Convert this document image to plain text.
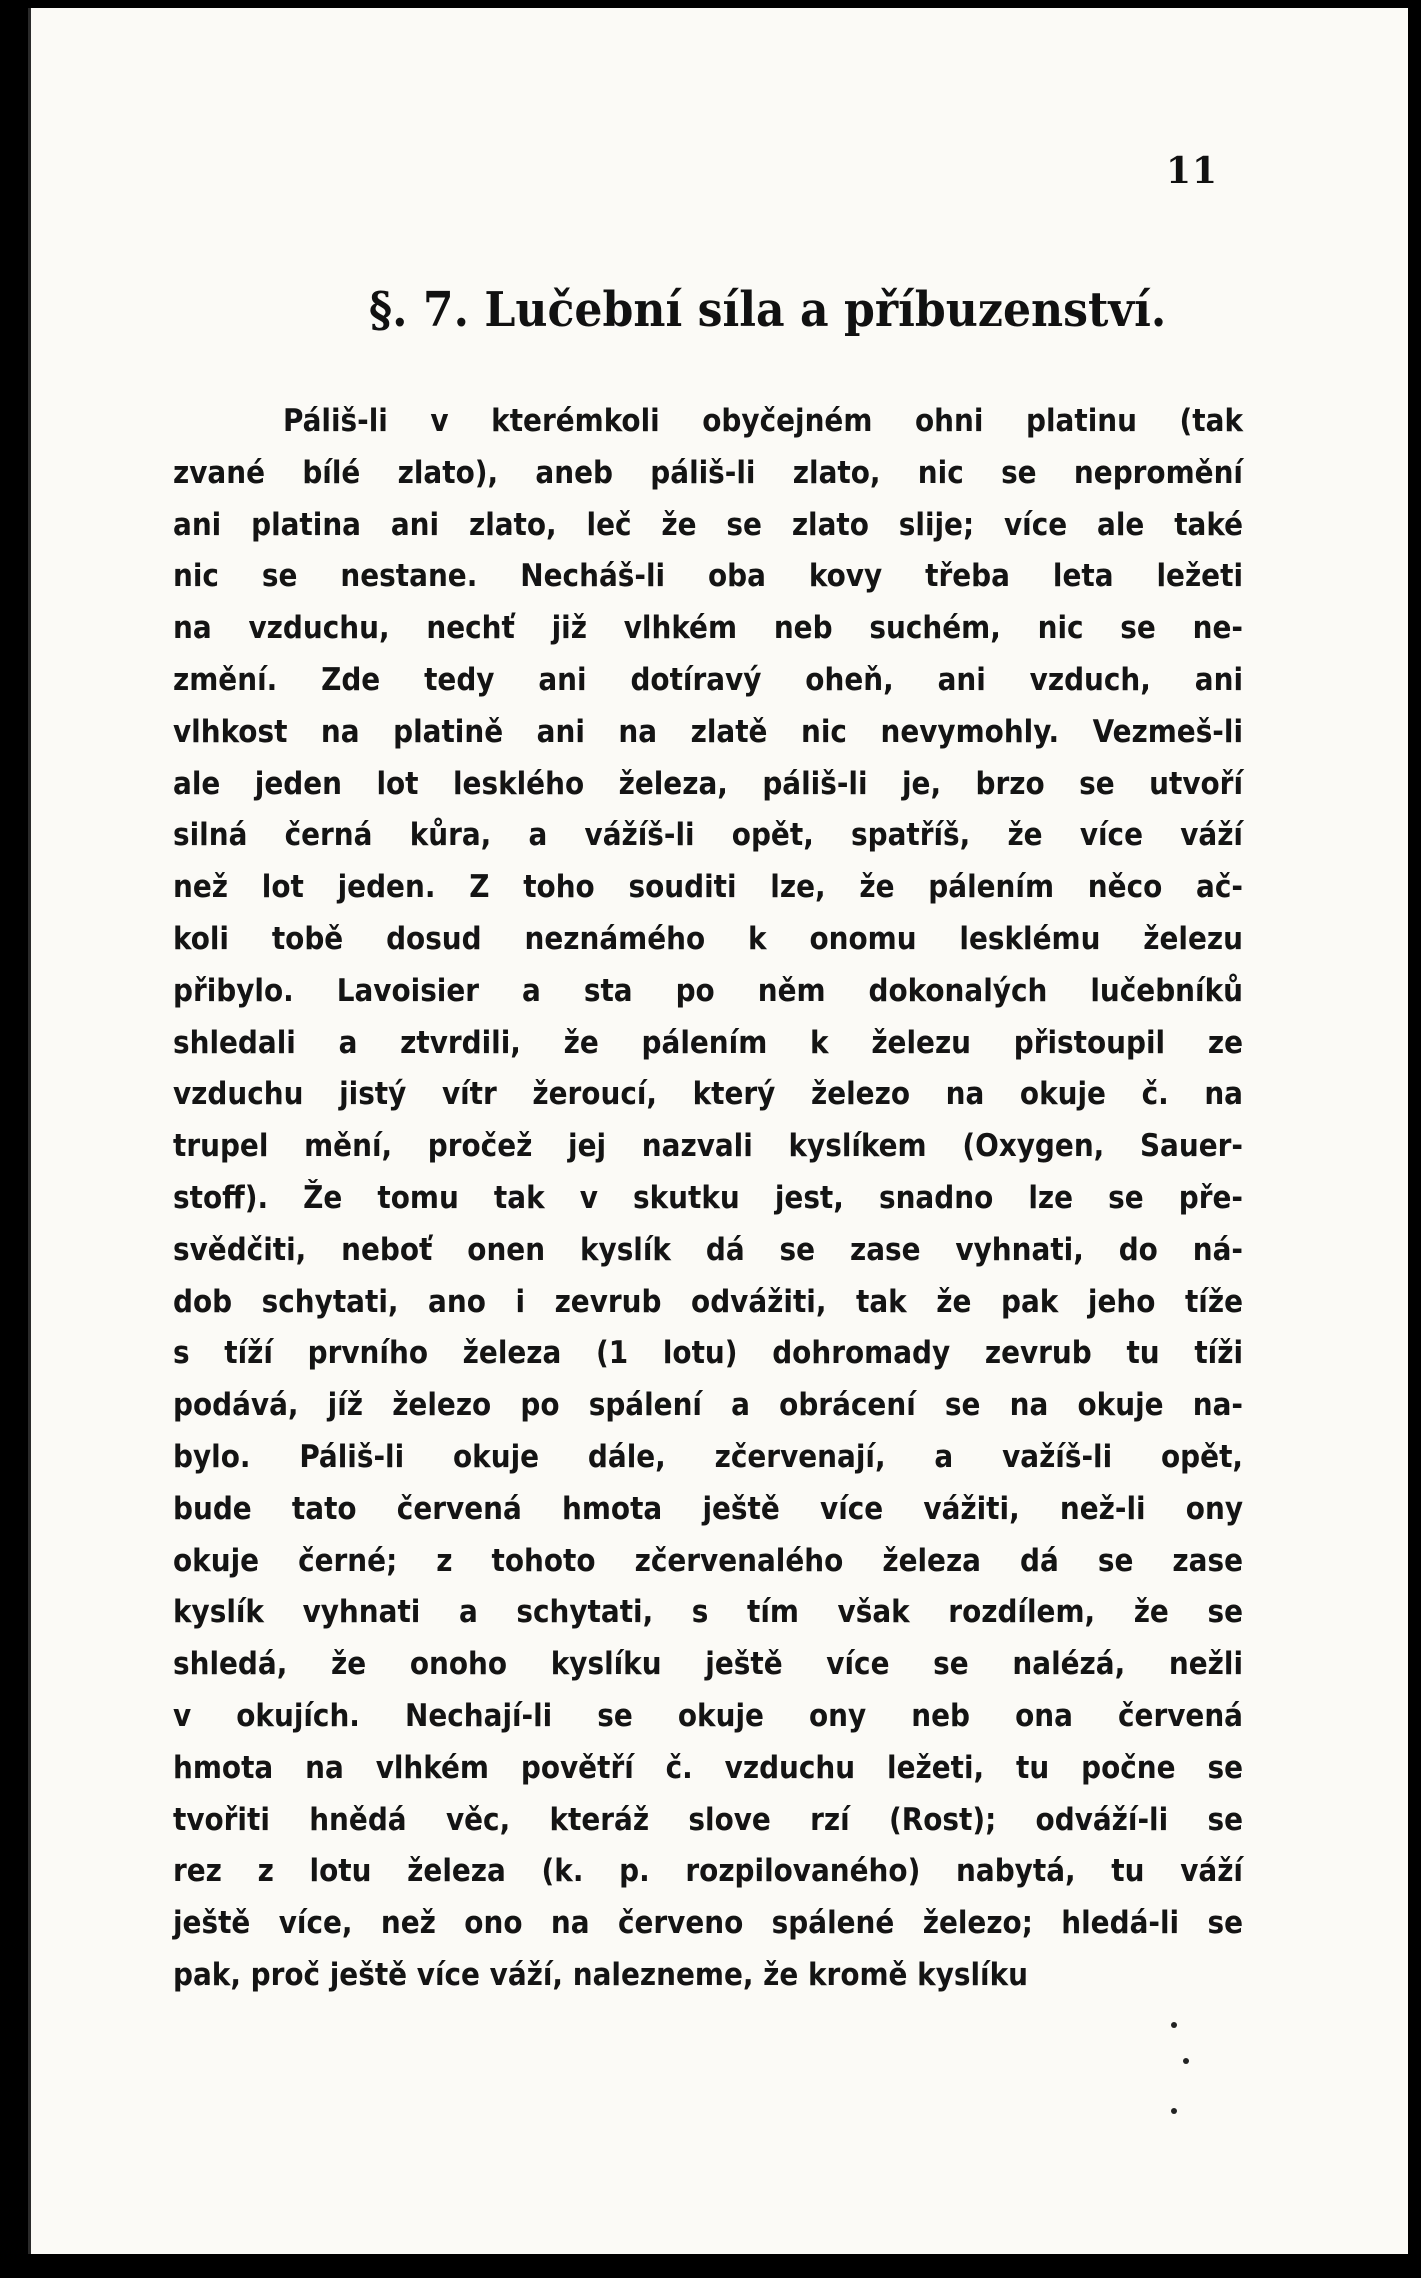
11
§. 7. Lučební síla a příbuzenství.
Páliš-li v kterémkoli obyčejném ohni platinu (tak
zvané bílé zlato), aneb páliš-li zlato, nic se nepromění
ani platina ani zlato, leč že se zlato slije; více ale také
nic se nestane. Necháš-li oba kovy třeba leta ležeti
na vzduchu, nechť již vlhkém neb suchém, nic se ne-
změní. Zde tedy ani dotíravý oheň, ani vzduch, ani
vlhkost na platině ani na zlatě nic nevymohly. Vezmeš-li
ale jeden lot lesklého železa, páliš-li je, brzo se utvoří
silná černá kůra, a vážíš-li opět, spatříš, že více váží
než lot jeden. Z toho souditi lze, že pálením něco ač-
koli tobě dosud neznámého k onomu lesklému železu
přibylo. Lavoisier a sta po něm dokonalých lučebníků
shledali a ztvrdili, že pálením k železu přistoupil ze
vzduchu jistý vítr žeroucí, který železo na okuje č. na
trupel mění, pročež jej nazvali kyslíkem (Oxygen, Sauer-
stoff). Že tomu tak v skutku jest, snadno lze se pře-
svědčiti, neboť onen kyslík dá se zase vyhnati, do ná-
dob schytati, ano i zevrub odvážiti, tak že pak jeho tíže
s tíží prvního železa (1 lotu) dohromady zevrub tu tíži
podává, jíž železo po spálení a obrácení se na okuje na-
bylo. Páliš-li okuje dále, zčervenají, a važíš-li opět,
bude tato červená hmota ještě více vážiti, než-li ony
okuje černé; z tohoto zčervenalého železa dá se zase
kyslík vyhnati a schytati, s tím však rozdílem, že se
shledá, že onoho kyslíku ještě více se nalézá, nežli
v okujích. Nechají-li se okuje ony neb ona červená
hmota na vlhkém povětří č. vzduchu ležeti, tu počne se
tvořiti hnědá věc, kteráž slove rzí (Rost); odváží-li se
rez z lotu železa (k. p. rozpilovaného) nabytá, tu váží
ještě více, než ono na červeno spálené železo; hledá-li se
pak, proč ještě více váží, nalezneme, že kromě kyslíku
